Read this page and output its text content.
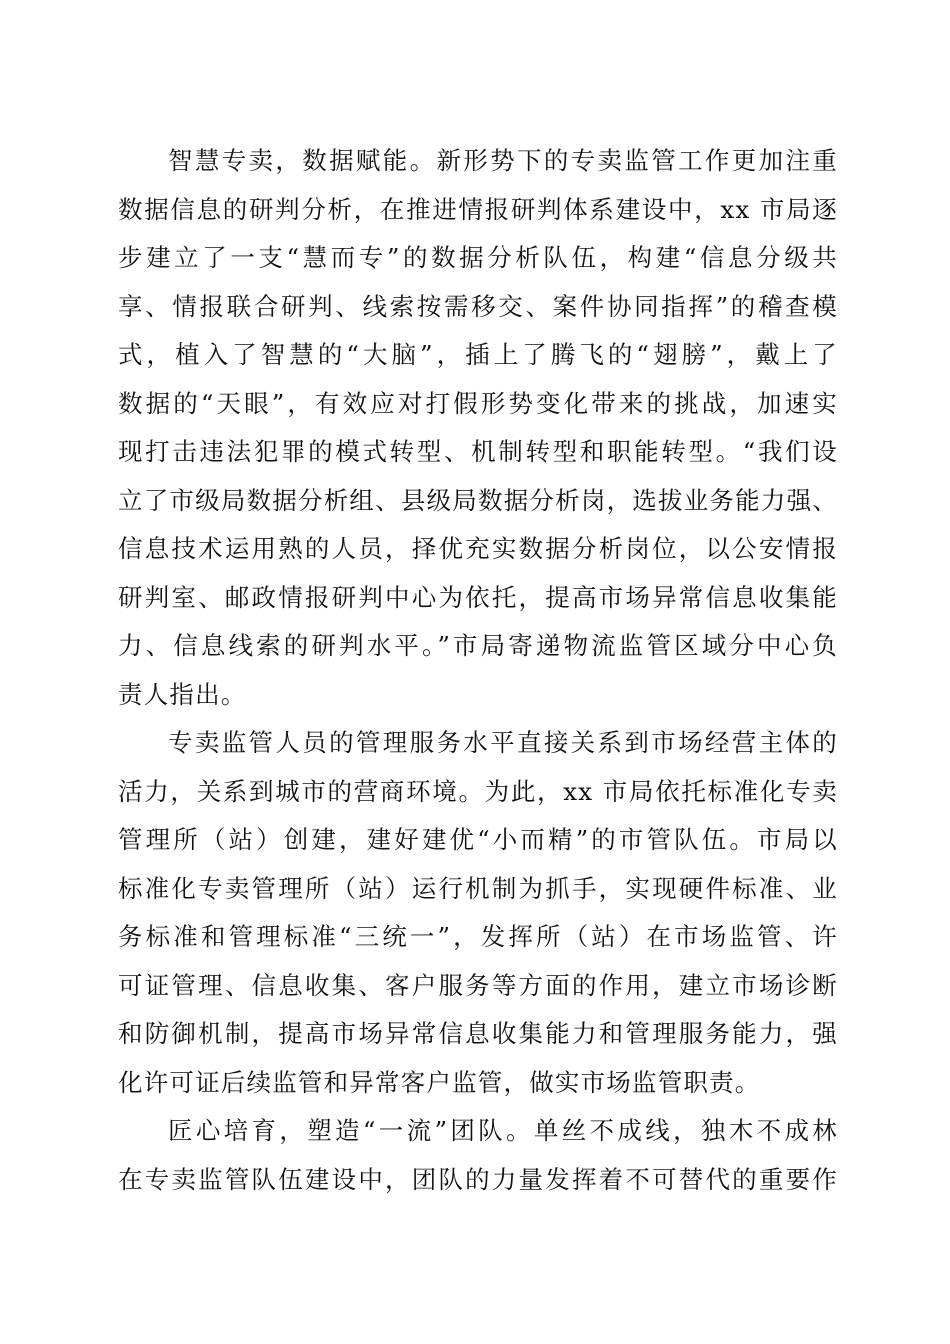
智慧专卖，数据赋能。新形势下的专卖监管工作更加注重
数据信息的研判分析，在推进情报研判体系建设中，xx 市局逐
步建立了一支“慧而专”的数据分析队伍，构建“信息分级共
享、情报联合研判、线索按需移交、案件协同指挥”的稽查模
式，植入了智慧的“大脑”，插上了腾飞的“翅膀”，戴上了
数据的“天眼”，有效应对打假形势变化带来的挑战，加速实
现打击违法犯罪的模式转型、机制转型和职能转型。“我们设
立了市级局数据分析组、县级局数据分析岗，选拔业务能力强、
信息技术运用熟的人员，择优充实数据分析岗位，以公安情报
研判室、邮政情报研判中心为依托，提高市场异常信息收集能
力、信息线索的研判水平。”市局寄递物流监管区域分中心负
责人指出。
专卖监管人员的管理服务水平直接关系到市场经营主体的
活力，关系到城市的营商环境。为此，xx 市局依托标准化专卖
管理所（站）创建，建好建优“小而精”的市管队伍。市局以
标准化专卖管理所（站）运行机制为抓手，实现硬件标准、业
务标准和管理标准“三统一”，发挥所（站）在市场监管、许
可证管理、信息收集、客户服务等方面的作用，建立市场诊断
和防御机制，提高市场异常信息收集能力和管理服务能力，强
化许可证后续监管和异常客户监管，做实市场监管职责。
匠心培育，塑造“一流”团队。单丝不成线，独木不成林
在专卖监管队伍建设中，团队的力量发挥着不可替代的重要作
